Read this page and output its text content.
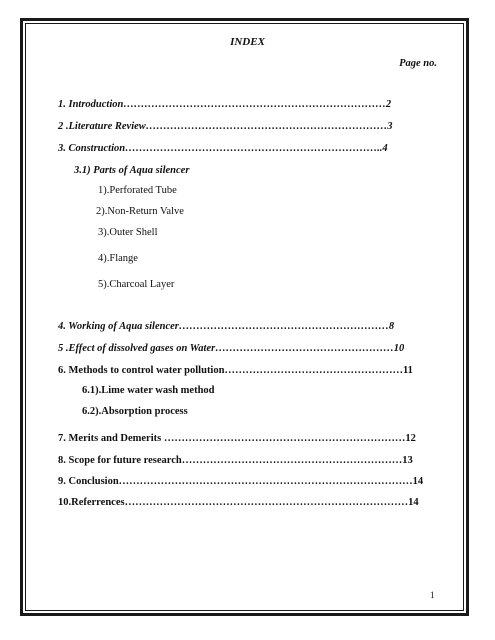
INDEX
Page no.
1. Introduction…………………………………………………………………2
2 .Literature Review……………………………………………………………3
3. Construction………………………………………………………………..4
3.1) Parts of Aqua silencer
1).Perforated Tube
2).Non-Return Valve
3).Outer Shell
4).Flange
5).Charcoal Layer
4. Working of Aqua silencer……………………………………………………8
5 .Effect of dissolved gases on Water……………………………………………10
6. Methods to control water pollution……………………………………………11
6.1).Lime water wash method
6.2).Absorption process
7. Merits and Demerits ……………………………………………………………12
8. Scope for future research………………………………………………………13
9. Conclusion…………………………………………………………………………14
10.Referrences………………………………………………………………………14
1
